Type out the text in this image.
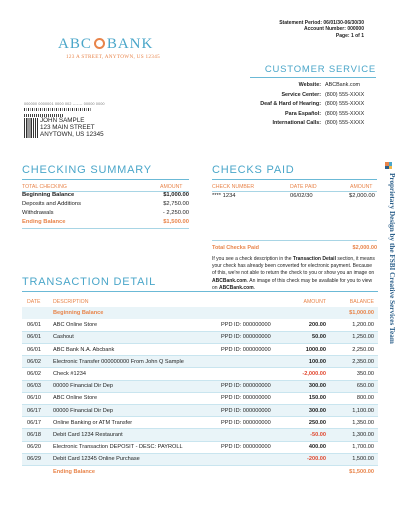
Statement Period: 06/01/30-06/30/30
Account Number: 000000
Page: 1 of 1
ABC BANK
123 A STREET, ANYTOWN, US 12345
CUSTOMER SERVICE
Website: ABCBank.com
Service Center: (800) 555-XXXX
Deaf & Hard of Hearing: (800) 555-XXXX
Para Español: (800) 555-XXXX
International Calls: (800) 555-XXXX
000000 0000001 0000 002 ------- 00000 0000
JOHN SAMPLE
123 MAIN STREET
ANYTOWN, US 12345
CHECKING SUMMARY
TOTAL CHECKING	AMOUNT
Beginning Balance	$1,000.00
Deposits and Additions	$2,750.00
Withdrawals	- 2,250.00
Ending Balance	$1,500.00
CHECKS PAID
CHECK NUMBER	DATE PAID	AMOUNT
**** 1234	06/02/30	$2,000.00
Total Checks Paid	$2,000.00
If you see a check description in the Transaction Detail section, it means your check has already been converted for electronic payment. Because of this, we're not able to return the check to you or show you an image on ABCBank.com. An image of this check may be available for you to view on ABCBank.com.
TRANSACTION DETAIL
DATE	DESCRIPTION		AMOUNT	BALANCE
	Beginning Balance			$1,000.00
06/01	ABC Online Store	PPD ID: 000000000	200.00	1,200.00
06/01	Cashout	PPD ID: 000000000	50.00	1,250.00
06/01	ABC Bank N.A. Abcbank	PPD ID: 000000000	1000.00	2,250.00
06/02	Electronic Transfer 000000000 From John Q Sample		100.00	2,350.00
06/02	Check #1234		-2,000.00	350.00
06/03	00000 Financial Dir Dep	PPD ID: 000000000	300.00	650.00
06/10	ABC Online Store	PPD ID: 000000000	150.00	800.00
06/17	00000 Financial Dir Dep	PPD ID: 000000000	300.00	1,100.00
06/17	Online Banking or ATM Transfer	PPD ID: 000000000	250.00	1,350.00
06/18	Debit Card 1234 Restaurant		-50.00	1,300.00
06/20	Electronic Transaction DEPOSIT - DESC: PAYROLL	PPD ID: 000000000	400.00	1,700.00
06/29	Debit Card 12345 Online Purchase		-200.00	1,500.00
	Ending Balance			$1,500.00
Proprietary Design by the FSBI Creative Services Team
